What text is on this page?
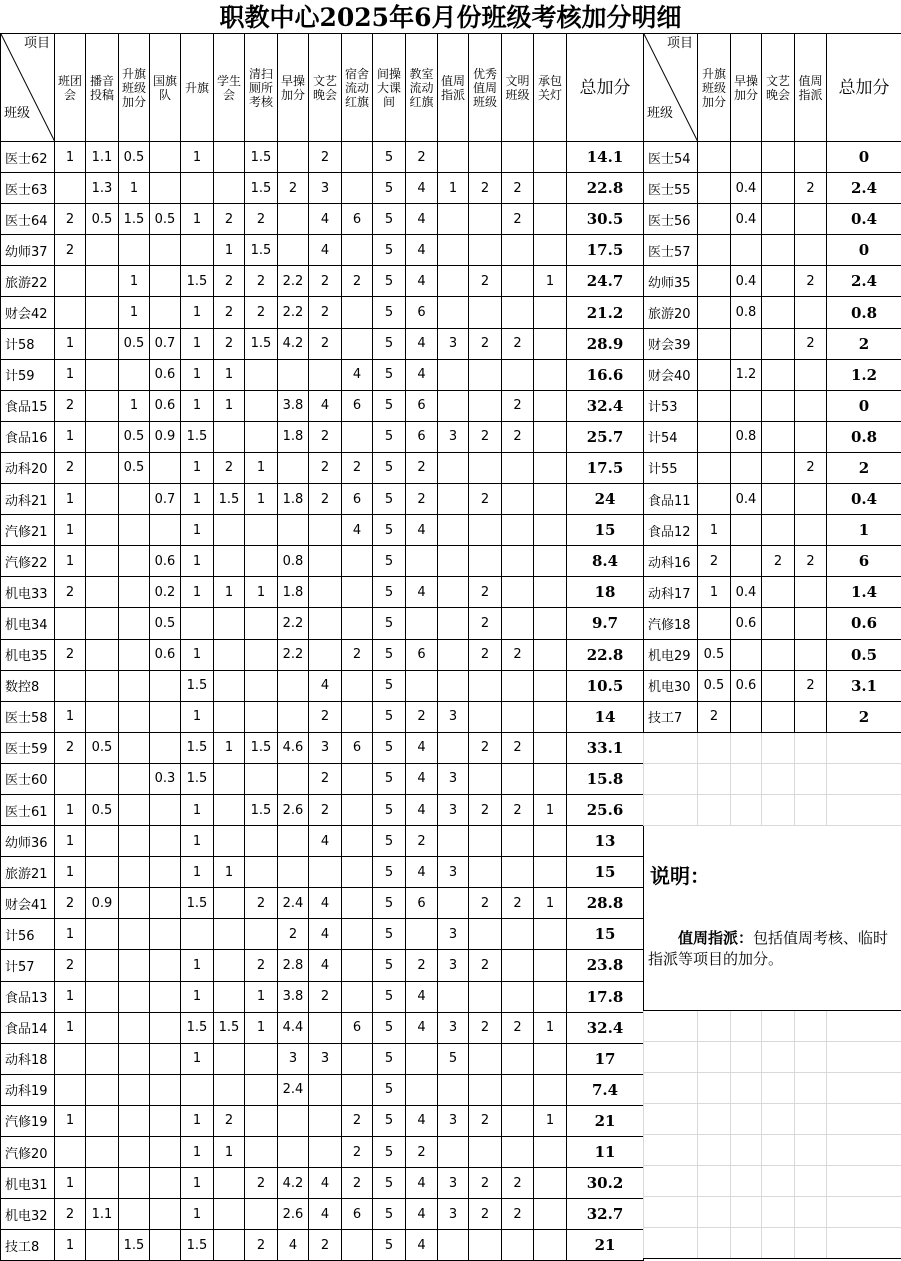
职教中心2025年6月份班级考核加分明细
项目
班级	班团会	播音投稿	升旗班级加分	国旗队	升旗	学生会	清扫厕所考核	早操加分	文艺晚会	宿舍流动红旗	间操大课间	教室流动红旗	值周指派	优秀值周班级	文明班级	承包关灯	总加分
医士62	1	1.1	0.5		1		1.5		2		5	2					14.1
医士63		1.3	1				1.5	2	3		5	4	1	2	2		22.8
医士64	2	0.5	1.5	0.5	1	2	2		4	6	5	4			2		30.5
幼师37	2					1	1.5		4		5	4					17.5
旅游22			1		1.5	2	2	2.2	2	2	5	4		2		1	24.7
财会42			1		1	2	2	2.2	2		5	6					21.2
计58	1		0.5	0.7	1	2	1.5	4.2	2		5	4	3	2	2		28.9
计59	1			0.6	1	1				4	5	4					16.6
食品15	2		1	0.6	1	1		3.8	4	6	5	6			2		32.4
食品16	1		0.5	0.9	1.5			1.8	2		5	6	3	2	2		25.7
动科20	2		0.5		1	2	1		2	2	5	2					17.5
动科21	1			0.7	1	1.5	1	1.8	2	6	5	2		2			24
汽修21	1				1					4	5	4					15
汽修22	1			0.6	1			0.8			5						8.4
机电33	2			0.2	1	1	1	1.8			5	4		2			18
机电34				0.5				2.2			5			2			9.7
机电35	2			0.6	1			2.2		2	5	6		2	2		22.8
数控8					1.5				4		5						10.5
医士58	1				1				2		5	2	3				14
医士59	2	0.5			1.5	1	1.5	4.6	3	6	5	4		2	2		33.1
医士60				0.3	1.5				2		5	4	3				15.8
医士61	1	0.5			1		1.5	2.6	2		5	4	3	2	2	1	25.6
幼师36	1				1				4		5	2					13
旅游21	1				1	1					5	4	3				15
财会41	2	0.9			1.5		2	2.4	4		5	6		2	2	1	28.8
计56	1							2	4		5		3				15
计57	2				1		2	2.8	4		5	2	3	2			23.8
食品13	1				1		1	3.8	2		5	4					17.8
食品14	1				1.5	1.5	1	4.4		6	5	4	3	2	2	1	32.4
动科18					1			3	3		5		5				17
动科19								2.4			5						7.4
汽修19	1				1	2				2	5	4	3	2		1	21
汽修20					1	1				2	5	2					11
机电31	1				1		2	4.2	4	2	5	4	3	2	2		30.2
机电32	2	1.1			1			2.6	4	6	5	4	3	2	2		32.7
技工8	1		1.5		1.5		2	4	2		5	4					21
项目
班级	升旗班级加分	早操加分	文艺晚会	值周指派	总加分
医士54					0
医士55		0.4		2	2.4
医士56		0.4			0.4
医士57					0
幼师35		0.4		2	2.4
旅游20		0.8			0.8
财会39				2	2
财会40		1.2			1.2
计53					0
计54		0.8			0.8
计55				2	2
食品11		0.4			0.4
食品12	1				1
动科16	2		2	2	6
动科17	1	0.4			1.4
汽修18		0.6			0.6
机电29	0.5				0.5
机电30	0.5	0.6		2	3.1
技工7	2				2

说明：
　　值周指派：包括值周考核、临时指派等项目的加分。					
